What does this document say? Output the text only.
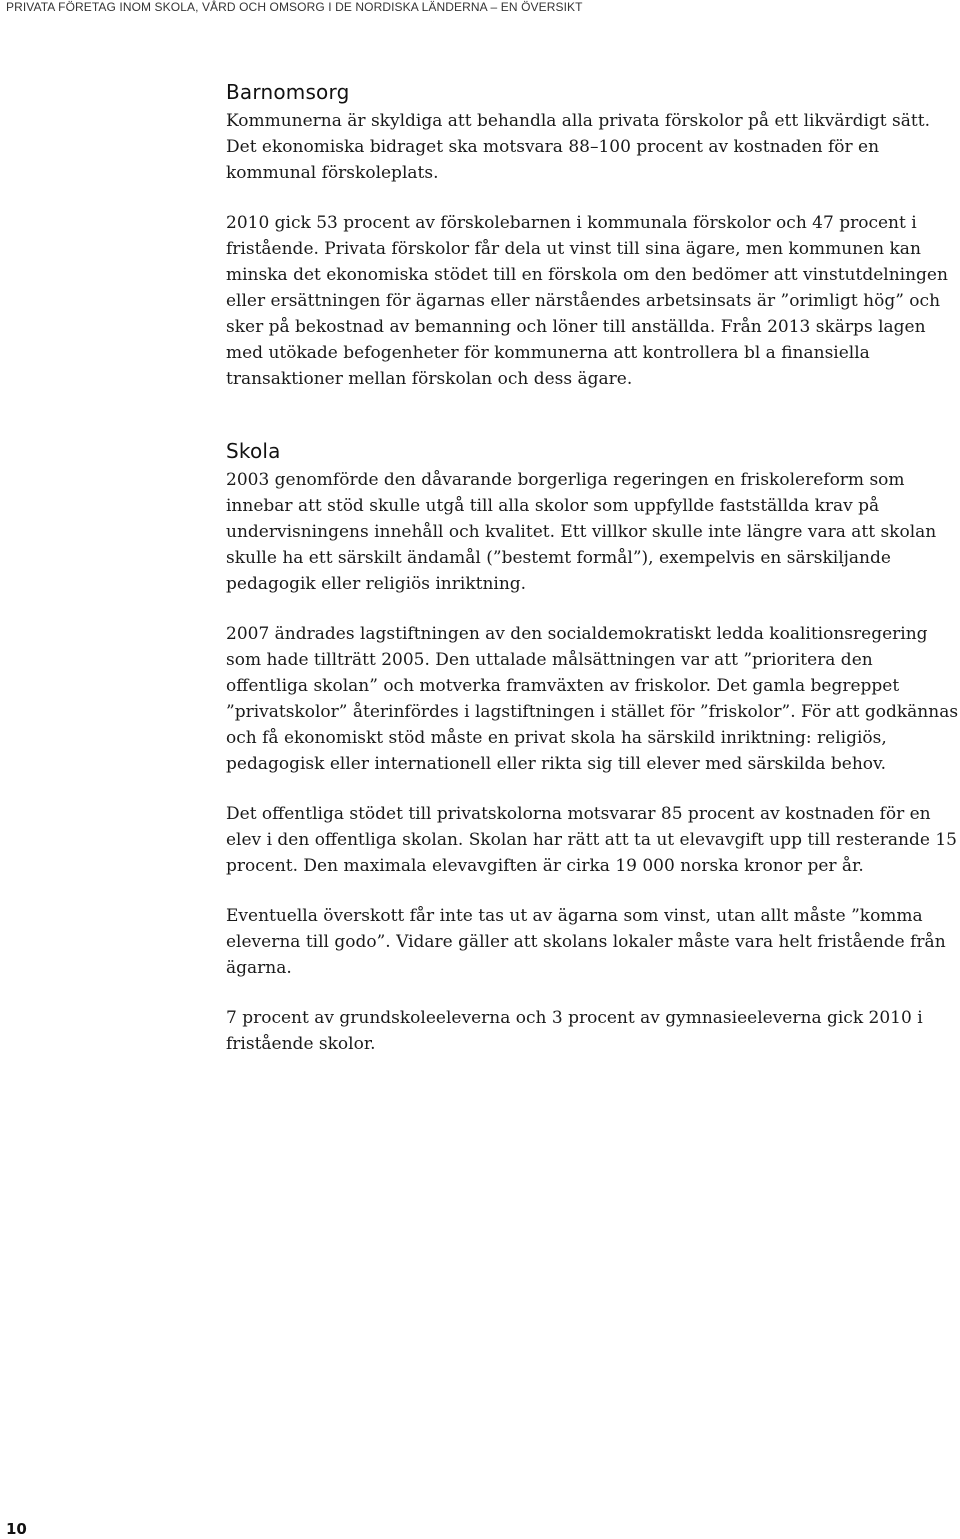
PRIVATA FÖRETAG INOM SKOLA, VÅRD OCH OMSORG I DE NORDISKA LÄNDERNA – EN ÖVERSIKT
Barnomsorg

Kommunerna är skyldiga att behandla alla privata förskolor på ett likvärdigt sätt. Det ekonomiska bidraget ska motsvara 88–100 procent av kostnaden för en kommunal förskoleplats.

2010 gick 53 procent av förskolebarnen i kommunala förskolor och 47 procent i fristående. Privata förskolor får dela ut vinst till sina ägare, men kommunen kan minska det ekonomiska stödet till en förskola om den bedömer att vinstutdelningen eller ersättningen för ägarnas eller närståendes arbetsinsats är ”orimligt hög” och sker på bekostnad av bemanning och löner till anställda. Från 2013 skärps lagen med utökade befogenheter för kommunerna att kontrollera bl a finansiella transaktioner mellan förskolan och dess ägare.

Skola

2003 genomförde den dåvarande borgerliga regeringen en friskolereform som innebar att stöd skulle utgå till alla skolor som uppfyllde fastställda krav på undervisningens innehåll och kvalitet. Ett villkor skulle inte längre vara att skolan skulle ha ett särskilt ändamål (”bestemt formål”), exempelvis en särskiljande pedagogik eller religiös inriktning.

2007 ändrades lagstiftningen av den socialdemokratiskt ledda koalitionsregering som hade tillträtt 2005. Den uttalade målsättningen var att ”prioritera den offentliga skolan” och motverka framväxten av friskolor. Det gamla begreppet ”privatskolor” återinfördes i lagstiftningen i stället för ”friskolor”. För att godkännas och få ekonomiskt stöd måste en privat skola ha särskild inriktning: religiös, pedagogisk eller internationell eller rikta sig till elever med särskilda behov.

Det offentliga stödet till privatskolorna motsvarar 85 procent av kostnaden för en elev i den offentliga skolan. Skolan har rätt att ta ut elevavgift upp till resterande 15 procent. Den maximala elevavgiften är cirka 19 000 norska kronor per år.

Eventuella överskott får inte tas ut av ägarna som vinst, utan allt måste ”komma eleverna till godo”. Vidare gäller att skolans lokaler måste vara helt fristående från ägarna.

7 procent av grundskoleeleverna och 3 procent av gymnasieeleverna gick 2010 i fristående skolor.

10
